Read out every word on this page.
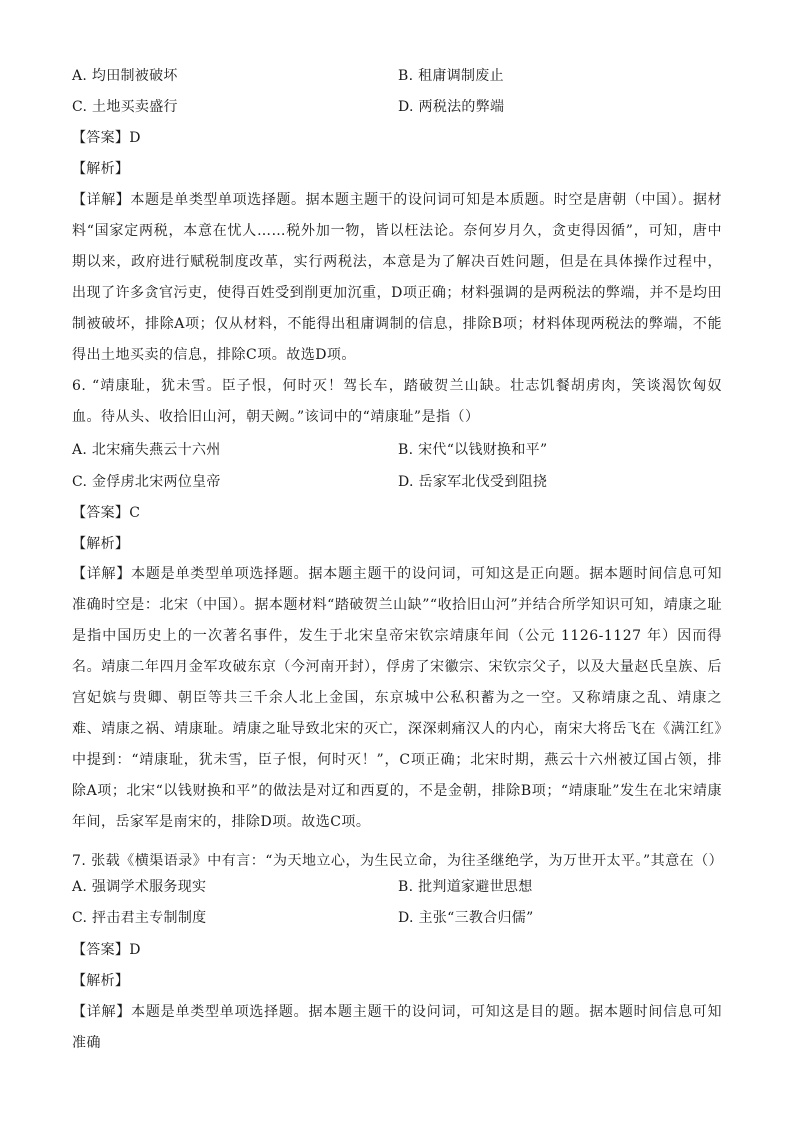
A. 均田制被破坏	B. 租庸调制废止
C. 土地买卖盛行	D. 两税法的弊端
【答案】D
【解析】
【详解】本题是单类型单项选择题。据本题主题干的设问词可知是本质题。时空是唐朝（中国）。据材料“国家定两税，本意在忧人……税外加一物，皆以枉法论。奈何岁月久，贪吏得因循”，可知，唐中期以来，政府进行赋税制度改革，实行两税法，本意是为了解决百姓问题，但是在具体操作过程中，出现了许多贪官污吏，使得百姓受到削更加沉重，D项正确；材料强调的是两税法的弊端，并不是均田制被破坏，排除A项；仅从材料，不能得出租庸调制的信息，排除B项；材料体现两税法的弊端，不能得出土地买卖的信息，排除C项。故选D项。
6. “靖康耻，犹未雪。臣子恨，何时灭！驾长车，踏破贺兰山缺。壮志饥餐胡虏肉，笑谈渴饮匈奴血。待从头、收拾旧山河，朝天阙。”该词中的“靖康耻”是指（）
A. 北宋痛失燕云十六州	B. 宋代“以钱财换和平”
C. 金俘虏北宋两位皇帝	D. 岳家军北伐受到阻挠
【答案】C
【解析】
【详解】本题是单类型单项选择题。据本题主题干的设问词，可知这是正向题。据本题时间信息可知准确时空是：北宋（中国）。据本题材料“踏破贺兰山缺”“收拾旧山河”并结合所学知识可知，靖康之耻是指中国历史上的一次著名事件，发生于北宋皇帝宋钦宗靖康年间（公元 1126-1127 年）因而得名。靖康二年四月金军攻破东京（今河南开封），俘虏了宋徽宗、宋钦宗父子，以及大量赵氏皇族、后宫妃嫔与贵卿、朝臣等共三千余人北上金国，东京城中公私积蓄为之一空。又称靖康之乱、靖康之难、靖康之祸、靖康耻。靖康之耻导致北宋的灭亡，深深刺痛汉人的内心，南宋大将岳飞在《满江红》中提到：“靖康耻，犹未雪，臣子恨，何时灭！”，C项正确；北宋时期，燕云十六州被辽国占领，排除A项；北宋“以钱财换和平”的做法是对辽和西夏的，不是金朝，排除B项；“靖康耻”发生在北宋靖康年间，岳家军是南宋的，排除D项。故选C项。
7. 张载《横渠语录》中有言：“为天地立心，为生民立命，为往圣继绝学，为万世开太平。”其意在（）
A. 强调学术服务现实	B. 批判道家避世思想
C. 抨击君主专制制度	D. 主张“三教合归儒”
【答案】D
【解析】
【详解】本题是单类型单项选择题。据本题主题干的设问词，可知这是目的题。据本题时间信息可知准确
